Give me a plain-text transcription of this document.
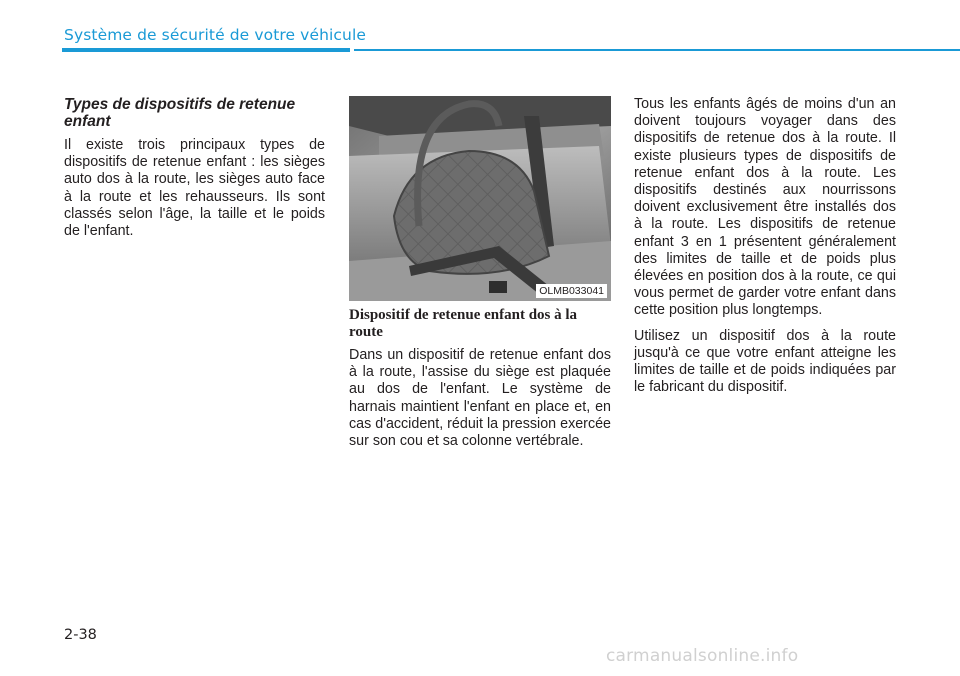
Système de sécurité de votre véhicule
Types de dispositifs de retenue enfant

Il existe trois principaux types de dispositifs de retenue enfant : les sièges auto dos à la route, les sièges auto face à la route et les rehausseurs. Ils sont classés selon l'âge, la taille et le poids de l'enfant.

OLMB033041
Dispositif de retenue enfant dos à la route

Dans un dispositif de retenue enfant dos à la route, l'assise du siège est plaquée au dos de l'enfant. Le système de harnais maintient l'enfant en place et, en cas d'accident, réduit la pression exercée sur son cou et sa colonne vertébrale.

Tous les enfants âgés de moins d'un an doivent toujours voyager dans des dispositifs de retenue dos à la route. Il existe plusieurs types de dispositifs de retenue enfant dos à la route. Les dispositifs destinés aux nourrissons doivent exclusivement être installés dos à la route. Les dispositifs de retenue enfant 3 en 1 présentent généralement des limites de taille et de poids plus élevées en position dos à la route, ce qui vous permet de garder votre enfant dans cette position plus longtemps.

Utilisez un dispositif dos à la route jusqu'à ce que votre enfant atteigne les limites de taille et de poids indiquées par le fabricant du dispositif.

2-38
carmanualsonline.info
